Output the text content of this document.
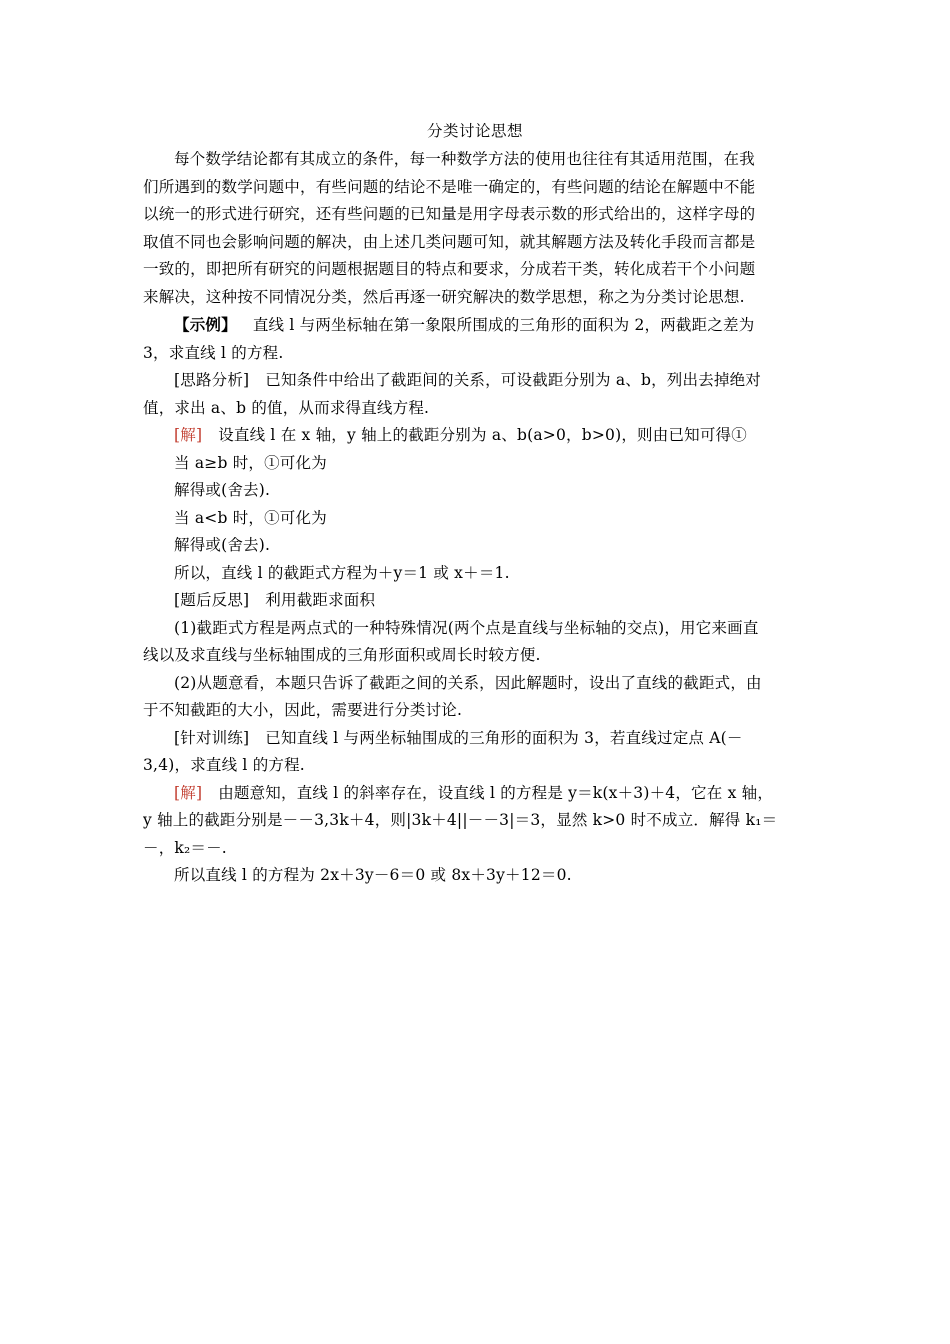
分类讨论思想
每个数学结论都有其成立的条件，每一种数学方法的使用也往往有其适用范围，在我
们所遇到的数学问题中，有些问题的结论不是唯一确定的，有些问题的结论在解题中不能
以统一的形式进行研究，还有些问题的已知量是用字母表示数的形式给出的，这样字母的
取值不同也会影响问题的解决，由上述几类问题可知，就其解题方法及转化手段而言都是
一致的，即把所有研究的问题根据题目的特点和要求，分成若干类，转化成若干个小问题
来解决，这种按不同情况分类，然后再逐一研究解决的数学思想，称之为分类讨论思想.
【示例】 直线 l 与两坐标轴在第一象限所围成的三角形的面积为 2，两截距之差为
3，求直线 l 的方程.
[思路分析] 已知条件中给出了截距间的关系，可设截距分别为 a、b，列出去掉绝对
值，求出 a、b 的值，从而求得直线方程.
[解] 设直线 l 在 x 轴，y 轴上的截距分别为 a、b(a>0，b>0)，则由已知可得①
当 a≥b 时，①可化为
解得或(舍去).
当 a<b 时，①可化为
解得或(舍去).
所以，直线 l 的截距式方程为＋y＝1 或 x＋＝1.
[题后反思] 利用截距求面积
(1)截距式方程是两点式的一种特殊情况(两个点是直线与坐标轴的交点)，用它来画直
线以及求直线与坐标轴围成的三角形面积或周长时较方便.
(2)从题意看，本题只告诉了截距之间的关系，因此解题时，设出了直线的截距式，由
于不知截距的大小，因此，需要进行分类讨论.
[针对训练] 已知直线 l 与两坐标轴围成的三角形的面积为 3，若直线过定点 A(－
3,4)，求直线 l 的方程.
[解] 由题意知，直线 l 的斜率存在，设直线 l 的方程是 y＝k(x＋3)＋4，它在 x 轴，
y 轴上的截距分别是－－3,3k＋4，则|3k＋4||－－3|＝3，显然 k>0 时不成立．解得 k₁＝
－，k₂＝－.
所以直线 l 的方程为 2x＋3y－6＝0 或 8x＋3y＋12＝0.
